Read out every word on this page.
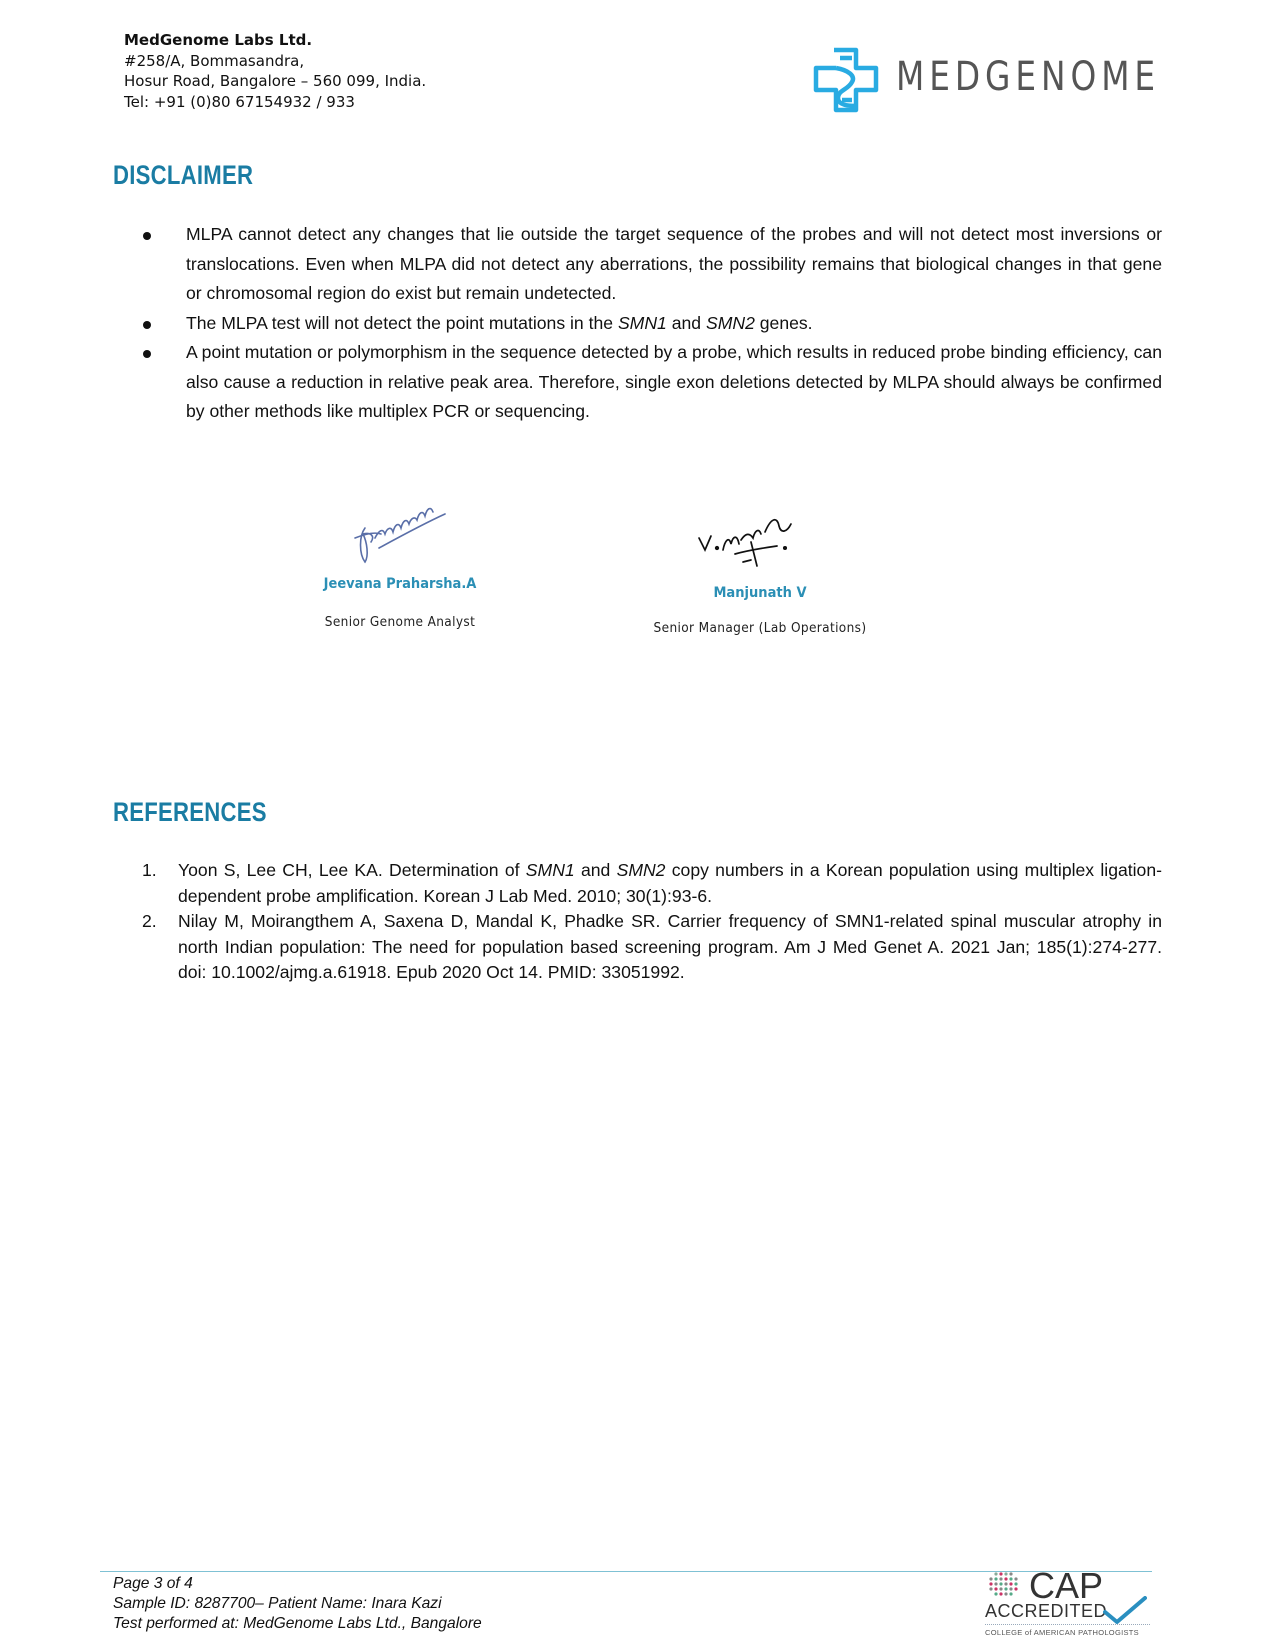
MedGenome Labs Ltd.
#258/A, Bommasandra,
Hosur Road, Bangalore – 560 099, India.
Tel: +91 (0)80 67154932 / 933
MEDGENOME
DISCLAIMER
MLPA cannot detect any changes that lie outside the target sequence of the probes and will not detect most inversions or translocations. Even when MLPA did not detect any aberrations, the possibility remains that biological changes in that gene or chromosomal region do exist but remain undetected.
The MLPA test will not detect the point mutations in the SMN1 and SMN2 genes.
A point mutation or polymorphism in the sequence detected by a probe, which results in reduced probe binding efficiency, can also cause a reduction in relative peak area. Therefore, single exon deletions detected by MLPA should always be confirmed by other methods like multiplex PCR or sequencing.
Jeevana Praharsha.A
Senior Genome Analyst
Manjunath V
Senior Manager (Lab Operations)
REFERENCES
1. Yoon S, Lee CH, Lee KA. Determination of SMN1 and SMN2 copy numbers in a Korean population using multiplex ligation-dependent probe amplification. Korean J Lab Med. 2010; 30(1):93-6.
2. Nilay M, Moirangthem A, Saxena D, Mandal K, Phadke SR. Carrier frequency of SMN1-related spinal muscular atrophy in north Indian population: The need for population based screening program. Am J Med Genet A. 2021 Jan; 185(1):274-277. doi: 10.1002/ajmg.a.61918. Epub 2020 Oct 14. PMID: 33051992.
Page 3 of 4
Sample ID: 8287700– Patient Name: Inara Kazi
Test performed at: MedGenome Labs Ltd., Bangalore
CAP
ACCREDITED
COLLEGE of AMERICAN PATHOLOGISTS
